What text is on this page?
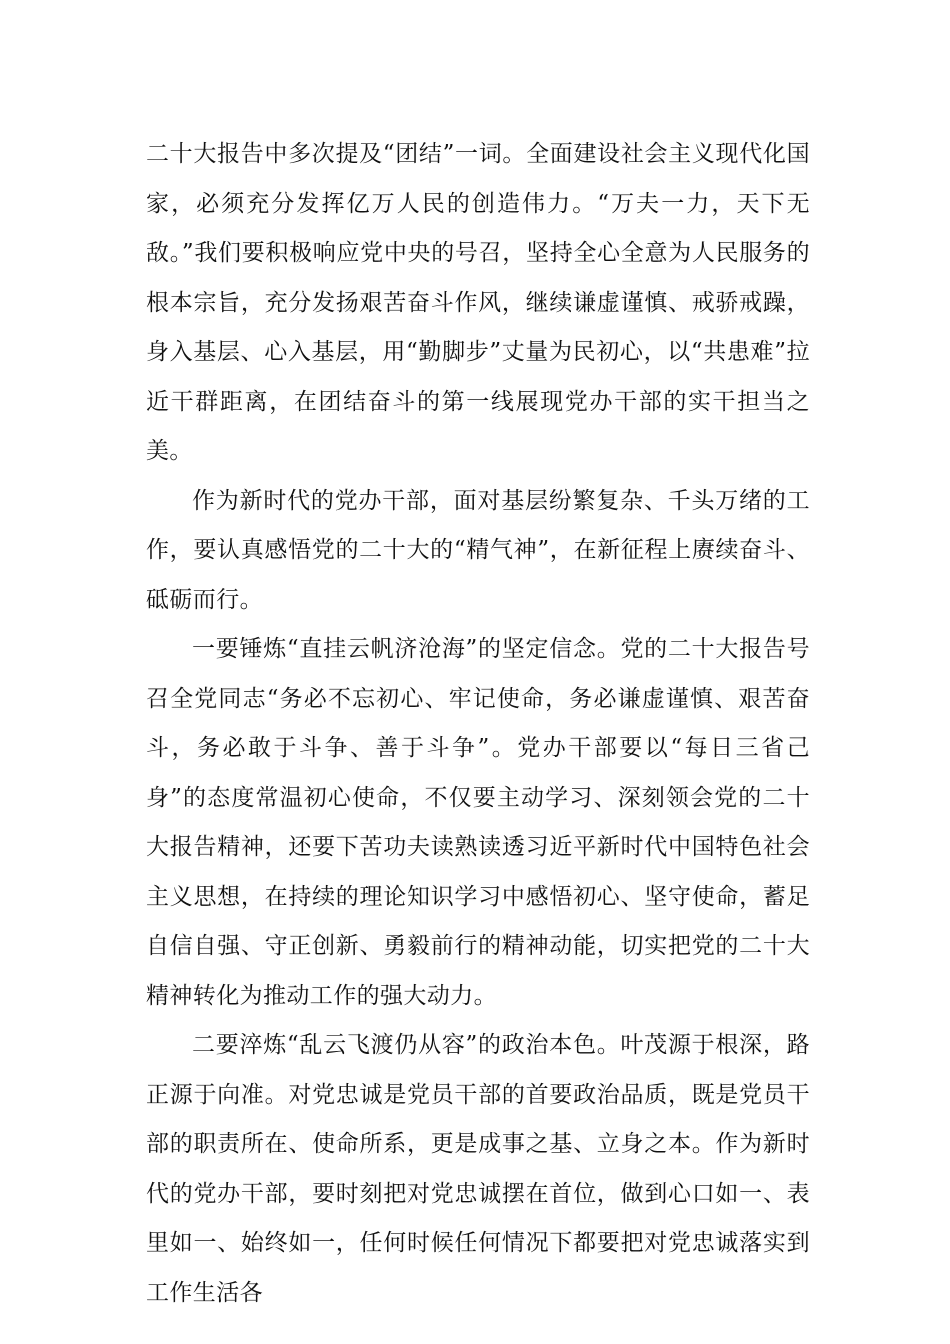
二十大报告中多次提及“团结”一词。全面建设社会主义现代化国家，必须充分发挥亿万人民的创造伟力。“万夫一力，天下无敌。”我们要积极响应党中央的号召，坚持全心全意为人民服务的根本宗旨，充分发扬艰苦奋斗作风，继续谦虚谨慎、戒骄戒躁，身入基层、心入基层，用“勤脚步”丈量为民初心，以“共患难”拉近干群距离，在团结奋斗的第一线展现党办干部的实干担当之美。

作为新时代的党办干部，面对基层纷繁复杂、千头万绪的工作，要认真感悟党的二十大的“精气神”，在新征程上赓续奋斗、砥砺而行。

一要锤炼“直挂云帆济沧海”的坚定信念。党的二十大报告号召全党同志“务必不忘初心、牢记使命，务必谦虚谨慎、艰苦奋斗，务必敢于斗争、善于斗争”。党办干部要以“每日三省己身”的态度常温初心使命，不仅要主动学习、深刻领会党的二十大报告精神，还要下苦功夫读熟读透习近平新时代中国特色社会主义思想，在持续的理论知识学习中感悟初心、坚守使命，蓄足自信自强、守正创新、勇毅前行的精神动能，切实把党的二十大精神转化为推动工作的强大动力。

二要淬炼“乱云飞渡仍从容”的政治本色。叶茂源于根深，路正源于向准。对党忠诚是党员干部的首要政治品质，既是党员干部的职责所在、使命所系，更是成事之基、立身之本。作为新时代的党办干部，要时刻把对党忠诚摆在首位，做到心口如一、表里如一、始终如一，任何时候任何情况下都要把对党忠诚落实到工作生活各
